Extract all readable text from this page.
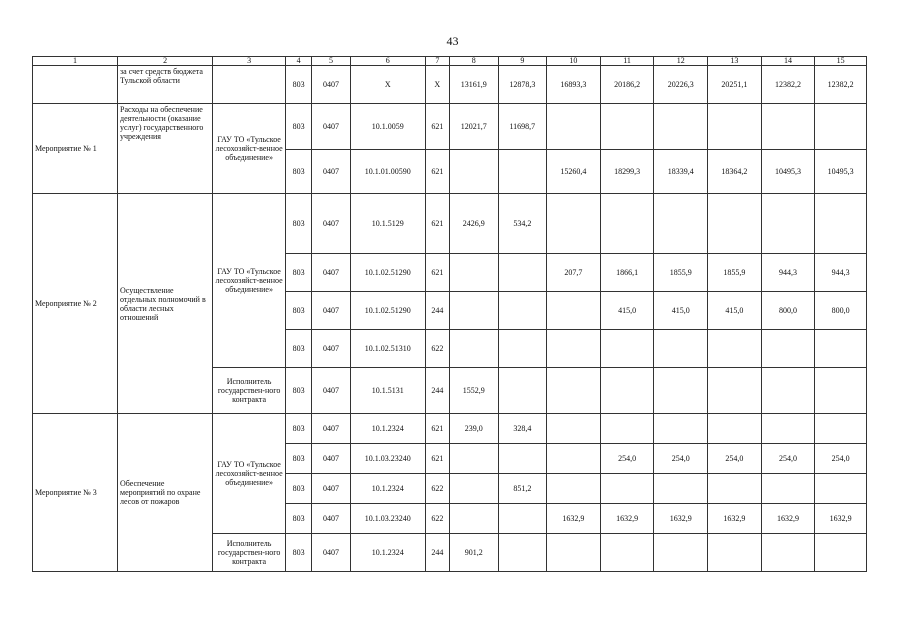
43
1	2	3	4	5	6	7	8	9	10	11	12	13	14	15
	за счет средств бюджета Тульской области		803	0407	Х	Х	13161,9	12878,3	16893,3	20186,2	20226,3	20251,1	12382,2	12382,2
Мероприятие № 1	Расходы на обеспечение деятельности (оказание услуг) государственного учреждения	ГАУ ТО «Тульское лесохозяйст-венное объединение»	803	0407	10.1.0059	621	12021,7	11698,7						
			803	0407	10.1.01.00590	621			15260,4	18299,3	18339,4	18364,2	10495,3	10495,3
Мероприятие № 2	Осуществление отдельных полномочий в области лесных отношений	ГАУ ТО «Тульское лесохозяйст-венное объединение»	803	0407	10.1.5129	621	2426,9	534,2						
			803	0407	10.1.02.51290	621			207,7	1866,1	1855,9	1855,9	944,3	944,3
			803	0407	10.1.02.51290	244				415,0	415,0	415,0	800,0	800,0
			803	0407	10.1.02.51310	622								
		Исполнитель государствен-ного контракта	803	0407	10.1.5131	244	1552,9							
Мероприятие № 3	Обеспечение мероприятий по охране лесов от пожаров	ГАУ ТО «Тульское лесохозяйст-венное объединение»	803	0407	10.1.2324	621	239,0	328,4						
			803	0407	10.1.03.23240	621				254,0	254,0	254,0	254,0	254,0
			803	0407	10.1.2324	622		851,2						
			803	0407	10.1.03.23240	622			1632,9	1632,9	1632,9	1632,9	1632,9	1632,9
		Исполнитель государствен-ного контракта	803	0407	10.1.2324	244	901,2							
